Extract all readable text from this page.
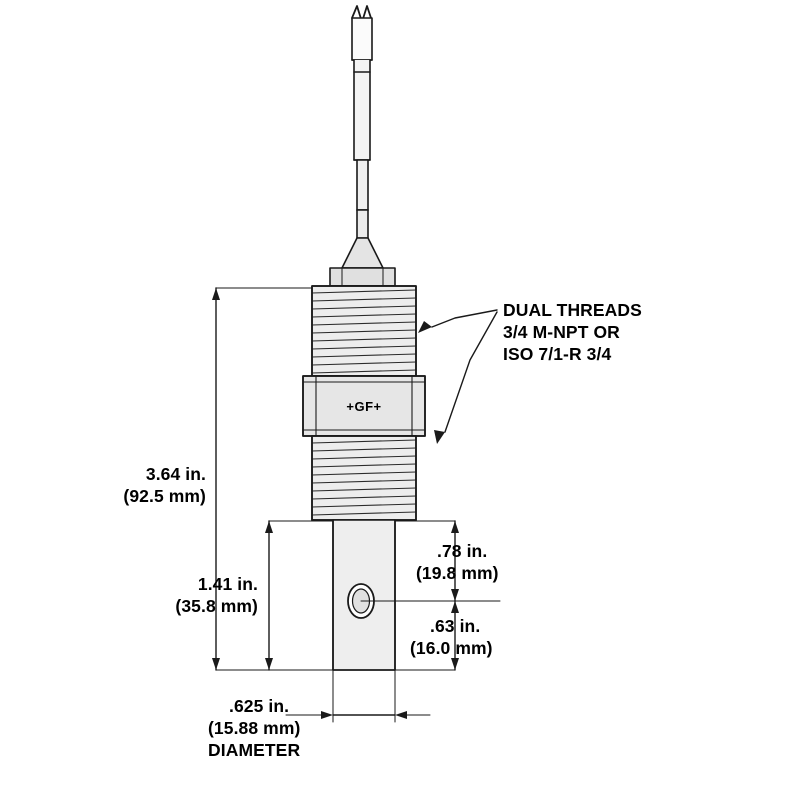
DUAL THREADS
3/4 M-NPT OR
ISO 7/1-R 3/4
3.64 in.
(92.5 mm)
1.41 in.
(35.8 mm)
.78 in.
(19.8 mm)
.63 in.
(16.0 mm)
.625 in.
(15.88 mm)
DIAMETER
+GF+
